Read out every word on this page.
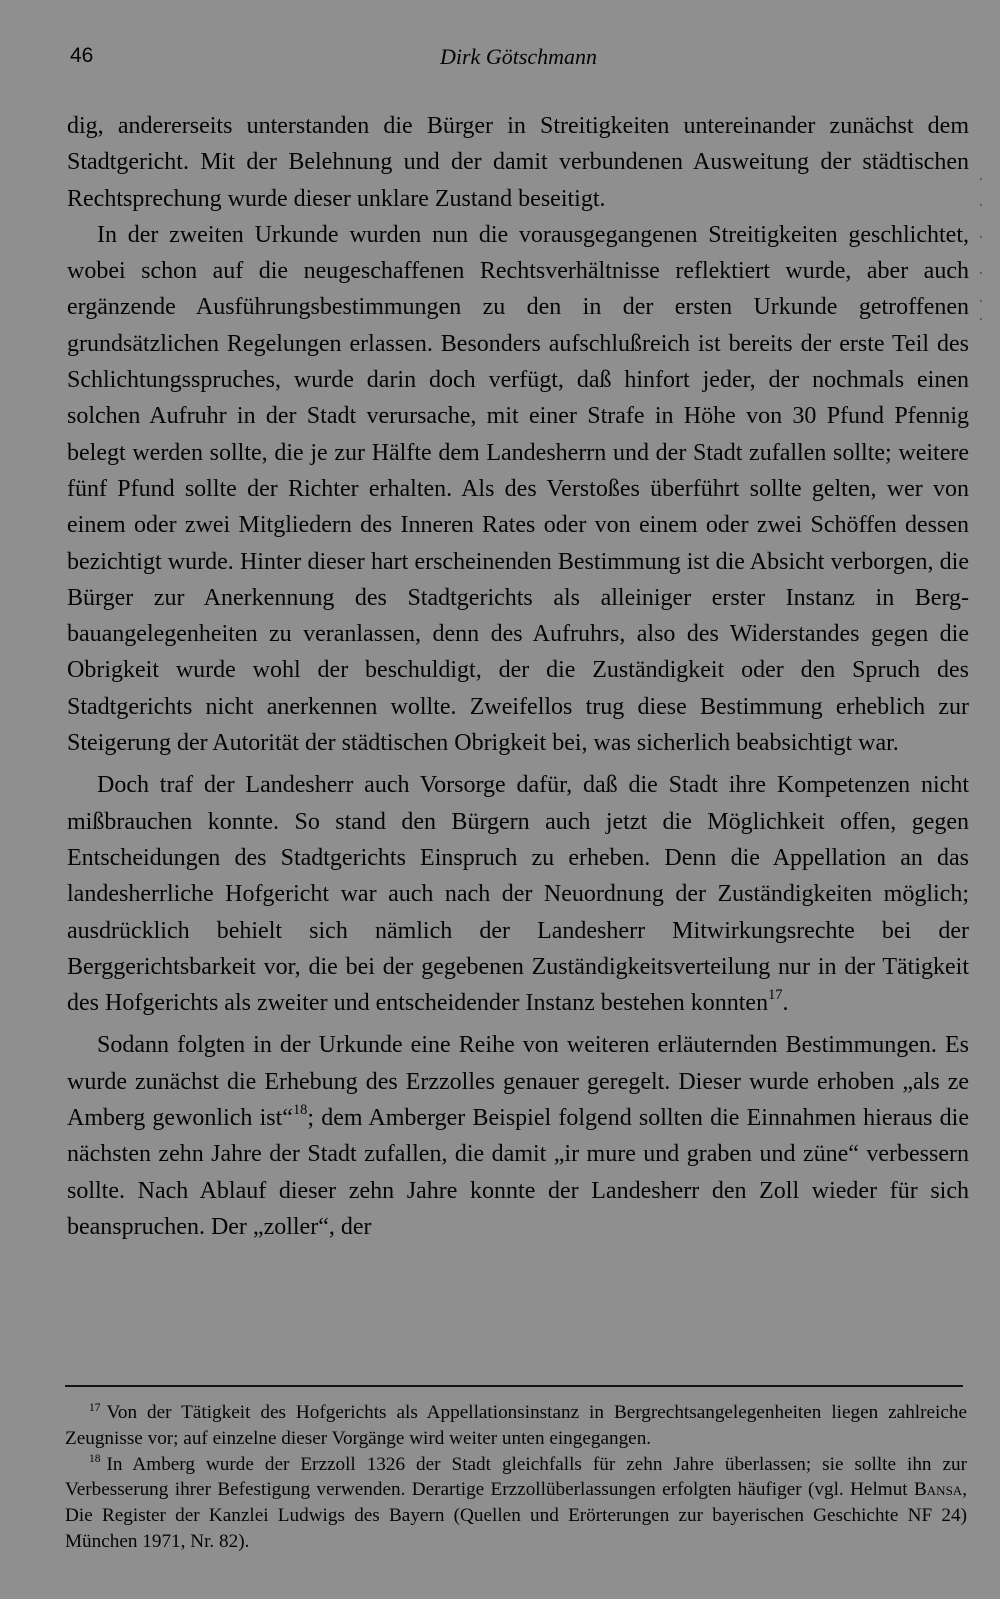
46	Dirk Götschmann

dig, andererseits unterstanden die Bürger in Streitigkeiten untereinander zunächst dem Stadtgericht. Mit der Belehnung und der damit verbundenen Ausweitung der städtischen Rechtsprechung wurde dieser unklare Zustand beseitigt.

In der zweiten Urkunde wurden nun die vorausgegangenen Streitigkeiten geschlichtet, wobei schon auf die neugeschaffenen Rechtsverhältnisse reflektiert wurde, aber auch ergänzende Ausführungsbestimmungen zu den in der ersten Urkunde getroffenen grundsätzlichen Regelungen erlassen. Besonders aufschlußreich ist bereits der erste Teil des Schlichtungsspruches, wurde darin doch verfügt, daß hinfort jeder, der nochmals einen solchen Aufruhr in der Stadt verursache, mit einer Strafe in Höhe von 30 Pfund Pfennig belegt werden sollte, die je zur Hälfte dem Landesherrn und der Stadt zufallen sollte; weitere fünf Pfund sollte der Richter erhalten. Als des Verstoßes überführt sollte gelten, wer von einem oder zwei Mitgliedern des Inneren Rates oder von einem oder zwei Schöffen dessen bezichtigt wurde. Hinter dieser hart erscheinenden Bestimmung ist die Absicht verborgen, die Bürger zur Anerkennung des Stadtgerichts als alleiniger erster Instanz in Bergbauangelegenheiten zu veranlassen, denn des Aufruhrs, also des Widerstandes gegen die Obrigkeit wurde wohl der beschuldigt, der die Zuständigkeit oder den Spruch des Stadtgerichts nicht anerkennen wollte. Zweifellos trug diese Bestimmung erheblich zur Steigerung der Autorität der städtischen Obrigkeit bei, was sicherlich beabsichtigt war.

Doch traf der Landesherr auch Vorsorge dafür, daß die Stadt ihre Kompetenzen nicht mißbrauchen konnte. So stand den Bürgern auch jetzt die Möglichkeit offen, gegen Entscheidungen des Stadtgerichts Einspruch zu erheben. Denn die Appellation an das landesherrliche Hofgericht war auch nach der Neuordnung der Zuständigkeiten möglich; ausdrücklich behielt sich nämlich der Landesherr Mitwirkungsrechte bei der Berggerichtsbarkeit vor, die bei der gegebenen Zuständigkeitsverteilung nur in der Tätigkeit des Hofgerichts als zweiter und entscheidender Instanz bestehen konnten$^{17}$.

Sodann folgten in der Urkunde eine Reihe von weiteren erläuternden Bestimmungen. Es wurde zunächst die Erhebung des Erzzolles genauer geregelt. Dieser wurde erhoben „als ze Amberg gewonlich ist“$^{18}$; dem Amberger Beispiel folgend sollten die Einnahmen hieraus die nächsten zehn Jahre der Stadt zufallen, die damit „ir mure und graben und züne“ verbessern sollte. Nach Ablauf dieser zehn Jahre konnte der Landesherr den Zoll wieder für sich beanspruchen. Der „zoller“, der

$^{17}$ Von der Tätigkeit des Hofgerichts als Appellationsinstanz in Bergrechtsangelegenheiten liegen zahlreiche Zeugnisse vor; auf einzelne dieser Vorgänge wird weiter unten eingegangen.

$^{18}$ In Amberg wurde der Erzzoll 1326 der Stadt gleichfalls für zehn Jahre überlassen; sie sollte ihn zur Verbesserung ihrer Befestigung verwenden. Derartige Erzzollüberlassungen erfolgten häufiger (vgl. Helmut Bansa, Die Register der Kanzlei Ludwigs des Bayern (Quellen und Erörterungen zur bayerischen Geschichte NF 24) München 1971, Nr. 82).
